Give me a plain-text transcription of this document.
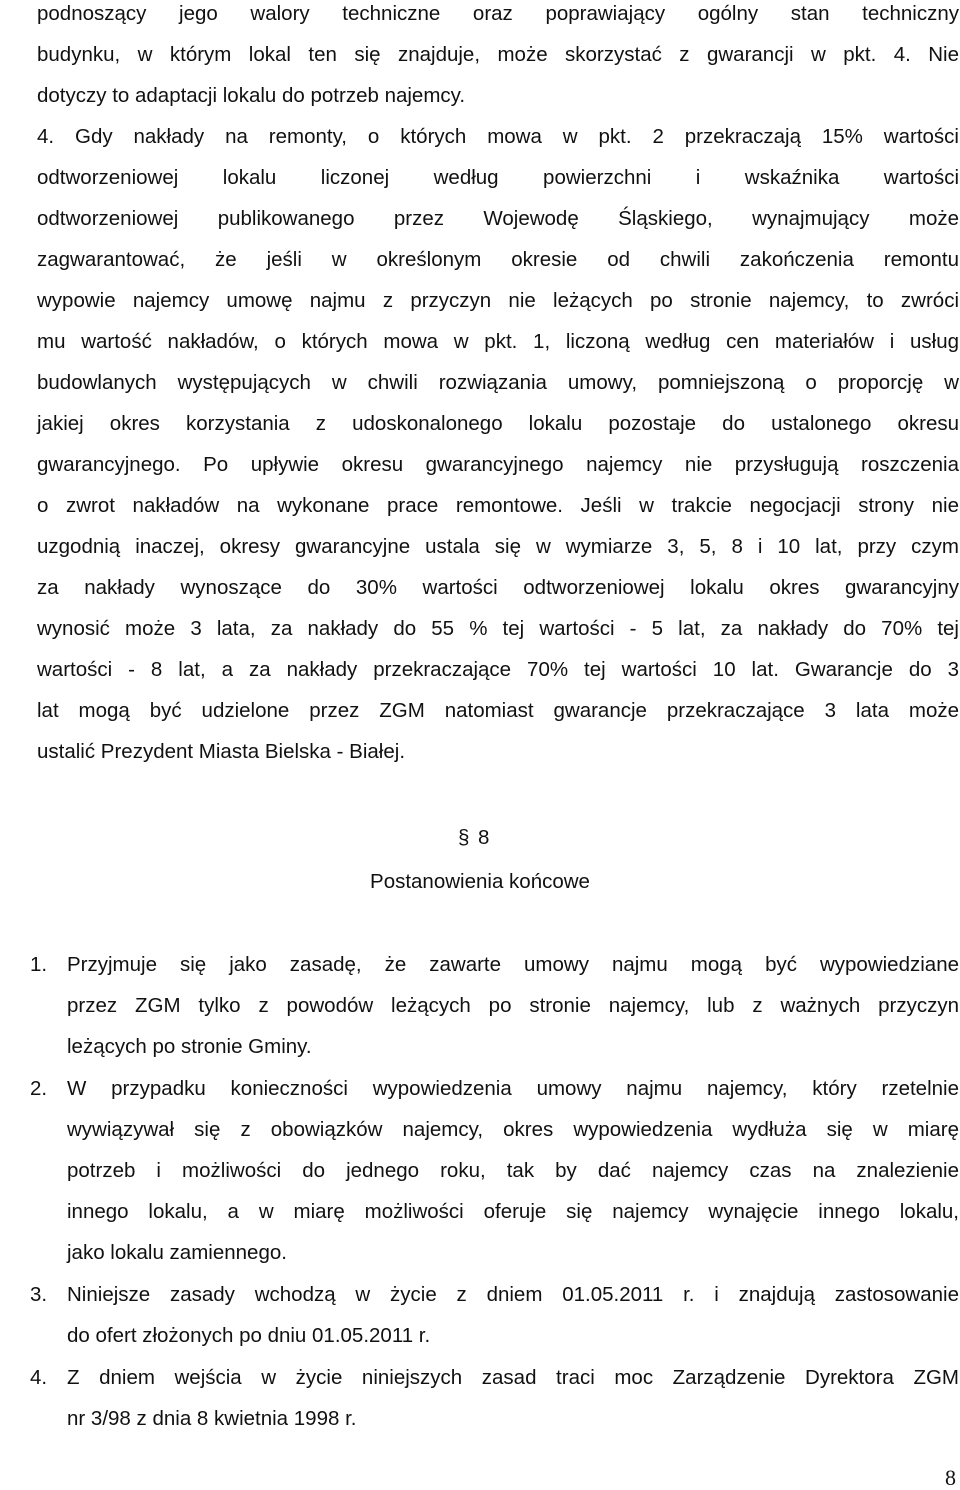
podnoszący jego walory techniczne oraz poprawiający ogólny stan techniczny

budynku, w którym lokal ten się znajduje, może skorzystać z gwarancji w pkt. 4. Nie

dotyczy to adaptacji lokalu do potrzeb najemcy.

4. Gdy nakłady na remonty, o których mowa w pkt. 2 przekraczają 15% wartości

odtworzeniowej lokalu liczonej według powierzchni i wskaźnika wartości

odtworzeniowej publikowanego przez Wojewodę Śląskiego, wynajmujący może

zagwarantować, że jeśli w określonym okresie od chwili zakończenia remontu

wypowie najemcy umowę najmu z przyczyn nie leżących po stronie najemcy, to zwróci

mu wartość nakładów, o których mowa w pkt. 1, liczoną według cen materiałów i usług

budowlanych występujących w chwili rozwiązania umowy, pomniejszoną o proporcję w

jakiej okres korzystania z udoskonalonego lokalu pozostaje do ustalonego okresu

gwarancyjnego. Po upływie okresu gwarancyjnego najemcy nie przysługują roszczenia

o zwrot nakładów na wykonane prace remontowe. Jeśli w trakcie negocjacji strony nie

uzgodnią inaczej, okresy gwarancyjne ustala się w wymiarze 3, 5, 8 i 10 lat, przy czym

za nakłady wynoszące do 30% wartości odtworzeniowej lokalu okres gwarancyjny

wynosić może 3 lata, za nakłady do 55 % tej wartości - 5 lat, za nakłady do 70% tej

wartości - 8 lat, a za nakłady przekraczające 70% tej wartości 10 lat. Gwarancje do 3

lat mogą być udzielone przez ZGM natomiast gwarancje przekraczające 3 lata może

ustalić Prezydent Miasta Bielska - Białej.

§ 8

Postanowienia końcowe

1. Przyjmuje się jako zasadę, że zawarte umowy najmu mogą być wypowiedziane

przez ZGM tylko z powodów leżących po stronie najemcy, lub z ważnych przyczyn

leżących po stronie Gminy.

2. W przypadku konieczności wypowiedzenia umowy najmu najemcy, który rzetelnie

wywiązywał się z obowiązków najemcy, okres wypowiedzenia wydłuża się w miarę

potrzeb i możliwości do jednego roku, tak by dać najemcy czas na znalezienie

innego lokalu, a w miarę możliwości oferuje się najemcy wynajęcie innego lokalu,

jako lokalu zamiennego.

3. Niniejsze zasady wchodzą w życie z dniem 01.05.2011 r. i znajdują zastosowanie

do ofert złożonych po dniu 01.05.2011 r.

4. Z dniem wejścia w życie niniejszych zasad traci moc Zarządzenie Dyrektora ZGM

nr 3/98 z dnia 8 kwietnia 1998 r.

8
